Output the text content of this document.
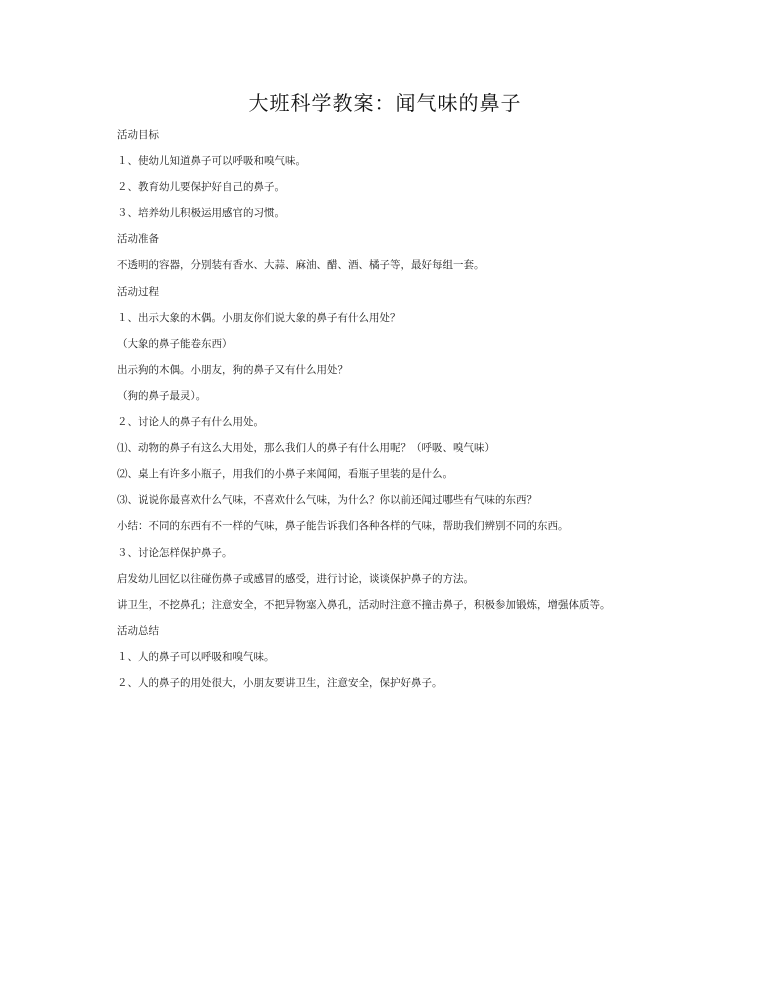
大班科学教案：闻气味的鼻子

活动目标

１、使幼儿知道鼻子可以呼吸和嗅气味。

２、教育幼儿要保护好自己的鼻子。

３、培养幼儿积极运用感官的习惯。

活动准备

不透明的容器，分别装有香水、大蒜、麻油、醋、酒、橘子等，最好每组一套。

活动过程

１、出示大象的木偶。小朋友你们说大象的鼻子有什么用处？

（大象的鼻子能卷东西）

出示狗的木偶。小朋友，狗的鼻子又有什么用处？

（狗的鼻子最灵）。

２、讨论人的鼻子有什么用处。

⑴、动物的鼻子有这么大用处，那么我们人的鼻子有什么用呢？（呼吸、嗅气味）

⑵、桌上有许多小瓶子，用我们的小鼻子来闻闻，看瓶子里装的是什么。

⑶、说说你最喜欢什么气味，不喜欢什么气味，为什么？你以前还闻过哪些有气味的东西？

小结：不同的东西有不一样的气味，鼻子能告诉我们各种各样的气味，帮助我们辨别不同的东西。

３、讨论怎样保护鼻子。

启发幼儿回忆以往碰伤鼻子或感冒的感受，进行讨论，谈谈保护鼻子的方法。

讲卫生，不挖鼻孔；注意安全，不把异物塞入鼻孔，活动时注意不撞击鼻子，积极参加锻炼，增强体质等。

活动总结

１、人的鼻子可以呼吸和嗅气味。

２、人的鼻子的用处很大，小朋友要讲卫生，注意安全，保护好鼻子。
